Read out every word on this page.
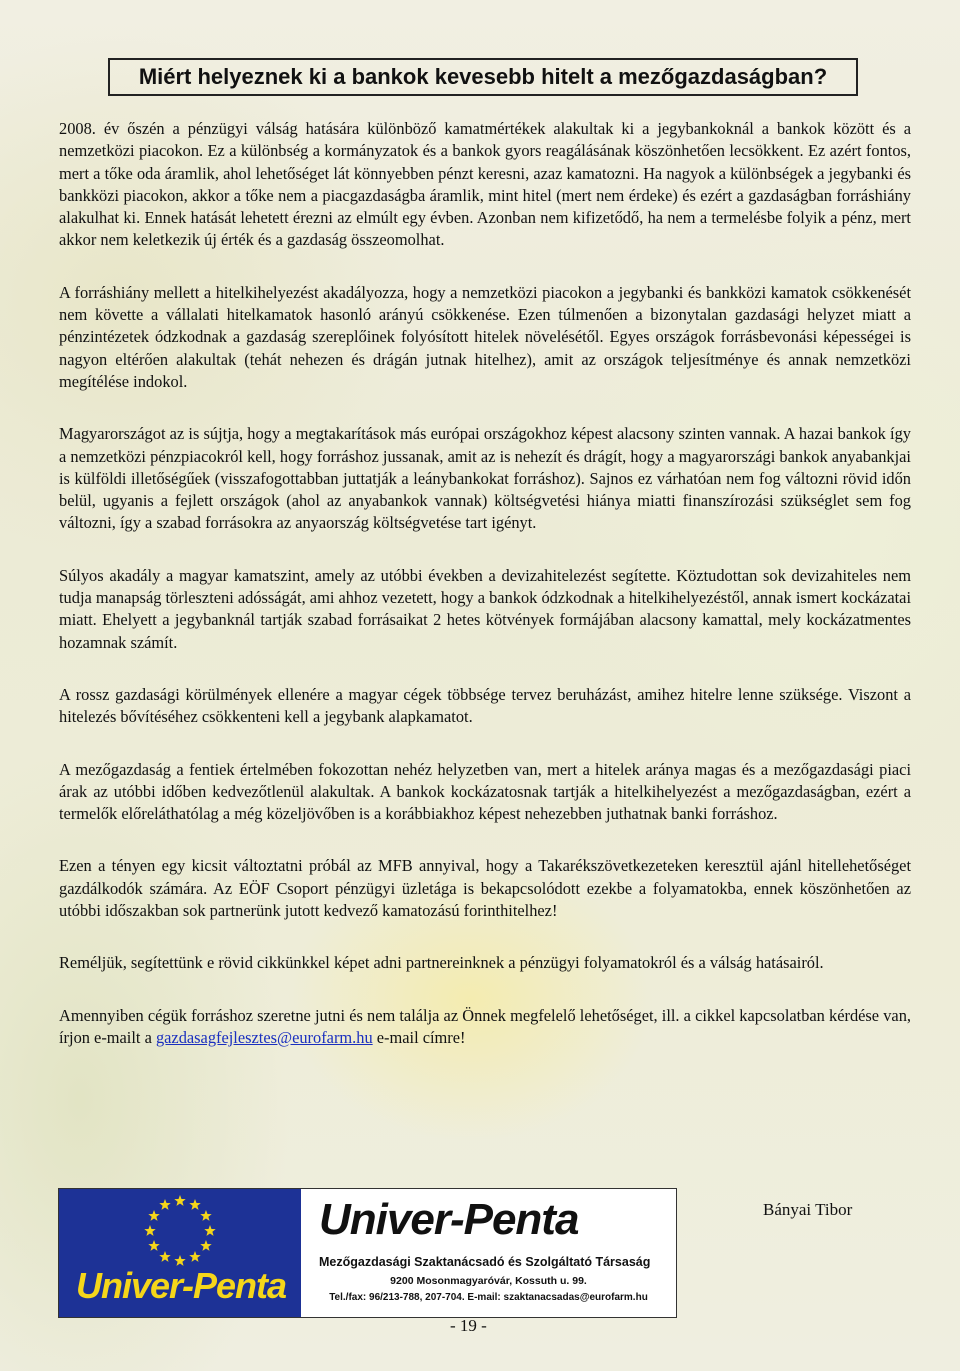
Miért helyeznek ki a bankok kevesebb hitelt a mezőgazdaságban?

2008. év őszén a pénzügyi válság hatására különböző kamatmértékek alakultak ki a jegybankoknál a bankok között és a nemzetközi piacokon. Ez a különbség a kormányzatok és a bankok gyors reagálásának köszönhetően lecsökkent. Ez azért fontos, mert a tőke oda áramlik, ahol lehetőséget lát könnyebben pénzt keresni, azaz kamatozni. Ha nagyok a különbségek a jegybanki és bankközi piacokon, akkor a tőke nem a piacgazdaságba áramlik, mint hitel (mert nem érdeke) és ezért a gazdaságban forráshiány alakulhat ki. Ennek hatását lehetett érezni az elmúlt egy évben. Azonban nem kifizetődő, ha nem a termelésbe folyik a pénz, mert akkor nem keletkezik új érték és a gazdaság összeomolhat.

A forráshiány mellett a hitelkihelyezést akadályozza, hogy a nemzetközi piacokon a jegybanki és bankközi kamatok csökkenését nem követte a vállalati hitelkamatok hasonló arányú csökkenése. Ezen túlmenően a bizonytalan gazdasági helyzet miatt a pénzintézetek ódzkodnak a gazdaság szereplőinek folyósított hitelek növelésétől. Egyes országok forrásbevonási képességei is nagyon eltérően alakultak (tehát nehezen és drágán jutnak hitelhez), amit az országok teljesítménye és annak nemzetközi megítélése indokol.

Magyarországot az is sújtja, hogy a megtakarítások más európai országokhoz képest alacsony szinten vannak. A hazai bankok így a nemzetközi pénzpiacokról kell, hogy forráshoz jussanak, amit az is nehezít és drágít, hogy a magyarországi bankok anyabankjai is külföldi illetőségűek (visszafogottabban juttatják a leánybankokat forráshoz). Sajnos ez várhatóan nem fog változni rövid időn belül, ugyanis a fejlett országok (ahol az anyabankok vannak) költségvetési hiánya miatti finanszírozási szükséglet sem fog változni, így a szabad forrásokra az anyaország költségvetése tart igényt.

Súlyos akadály a magyar kamatszint, amely az utóbbi években a devizahitelezést segítette. Köztudottan sok devizahiteles nem tudja manapság törleszteni adósságát, ami ahhoz vezetett, hogy a bankok ódzkodnak a hitelkihelyezéstől, annak ismert kockázatai miatt. Ehelyett a jegybanknál tartják szabad forrásaikat 2 hetes kötvények formájában alacsony kamattal, mely kockázatmentes hozamnak számít.

A rossz gazdasági körülmények ellenére a magyar cégek többsége tervez beruházást, amihez hitelre lenne szüksége. Viszont a hitelezés bővítéséhez csökkenteni kell a jegybank alapkamatot.

A mezőgazdaság a fentiek értelmében fokozottan nehéz helyzetben van, mert a hitelek aránya magas és a mezőgazdasági piaci árak az utóbbi időben kedvezőtlenül alakultak. A bankok kockázatosnak tartják a hitelkihelyezést a mezőgazdaságban, ezért a termelők előreláthatólag a még közeljövőben is a korábbiakhoz képest nehezebben juthatnak banki forráshoz.

Ezen a tényen egy kicsit változtatni próbál az MFB annyival, hogy a Takarékszövetkezeteken keresztül ajánl hitellehetőséget gazdálkodók számára. Az EÖF Csoport pénzügyi üzletága is bekapcsolódott ezekbe a folyamatokba, ennek köszönhetően az utóbbi időszakban sok partnerünk jutott kedvező kamatozású forinthitelhez!

Reméljük, segítettünk e rövid cikkünkkel képet adni partnereinknek a pénzügyi folyamatokról és a válság hatásairól.

Amennyiben cégük forráshoz szeretne jutni és nem találja az Önnek megfelelő lehetőséget, ill. a cikkel kapcsolatban kérdése van, írjon e-mailt a gazdasagfejlesztes@eurofarm.hu e-mail címre!

Univer-Penta
Univer-Penta
Mezőgazdasági Szaktanácsadó és Szolgáltató Társaság
9200 Mosonmagyaróvár, Kossuth u. 99.
Tel./fax: 96/213-788, 207-704. E-mail: szaktanacsadas@eurofarm.hu
Bányai Tibor
- 19 -
